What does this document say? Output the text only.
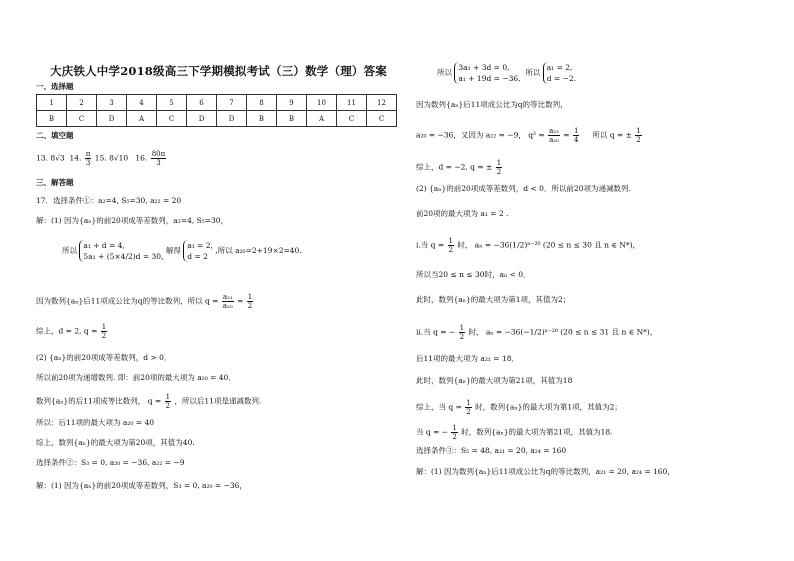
大庆铁人中学2018级高三下学期模拟考试（三）数学（理）答案
一、选择题
1	2	3	4	5	6	7	8	9	10	11	12
B	C	D	A	C	D	D	B	B	A	C	C
二、填空题
13. 8√3 14. $\frac{\pi}{3} 15$. 8√10 16. $\frac{80\pi}{3}$
三、解答题
17．选择条件①：a₂=4, S₅=30, a₂₂ = 20
解：(1) 因为{aₙ}的前20项成等差数列，a₂=4, S₅=30，
所以
a₁ + d = 4,
5a₁ + (5×4/2)d = 30,
解得
a₁ = 2,
d = 2
,所以 a₂₀=2+19×2=40.
因为数列{aₙ}后11项成公比为q的等比数列，所以 $q = \frac{\text{a₂₁}}{\text{a₂₀}} = \frac{1}{2}$
综上，d = 2, $q = \frac{1}{2}$
(2) {aₙ}的前20项成等差数列，d > 0．
所以前20项为递增数列. 即：前20项的最大项为 a₂₀ = 40．
数列{aₙ}的后11项成等比数列， $q = \frac{1}{2}$ ，所以后11项是递减数列.
所以：后11项的最大项为 a₂₀ = 40
综上，数列{aₙ}的最大项为第20项，其值为40.
选择条件②：S₃ = 0, a₂₀ = −36, a₂₂ = −9
解：(1) 因为{aₙ}的前20项成等差数列，S₃ = 0, a₂₀ = −36，
所以
3a₁ + 3d = 0,
a₁ + 19d = −36,
所以
a₁ = 2,
d = −2.
因为数列{aₙ}后11项成公比为q的等比数列，
a₂₀ = −36，又因为 a₂₂ = −9， $q^2 = \frac{\text{a₂₂}}{\text{a₂₀}} = \frac{1}{4}$ 所以 q = ± $\frac{1}{2}$
综上，d = −2, q = ± $\frac{1}{2}$
(2) {aₙ}的前20项成等差数列，d < 0．所以前20项为递减数列.
前20项的最大项为 a₁ = 2 .
i.当 $q = \frac{1}{2}$ 时， aₙ = −36(1/2)ⁿ⁻²⁰ (20 ≤ n ≤ 30 且 n ∈ N*)，
所以当20 ≤ n ≤ 30时，aₙ < 0．
此时，数列{aₙ}的最大项为第1项，其值为2；
ii.当 q = − $\frac{1}{2}$ 时， aₙ = −36(−1/2)ⁿ⁻²⁰ (20 ≤ n ≤ 31 且 n ∈ N*)，
后11项的最大项为 a₂₁ = 18．
此时，数列{aₙ}的最大项为第21项，其值为18
综上，当 $q = \frac{1}{2}$ 时，数列{aₙ}的最大项为第1项，其值为2；
当 q = − $\frac{1}{2}$ 时，数列{aₙ}的最大项为第21项，其值为18.
选择条件③：S₅ = 48, a₂₁ = 20, a₂₄ = 160
解：(1) 因为数列{aₙ}后11项成公比为q的等比数列，a₂₁ = 20, a₂₄ = 160，
